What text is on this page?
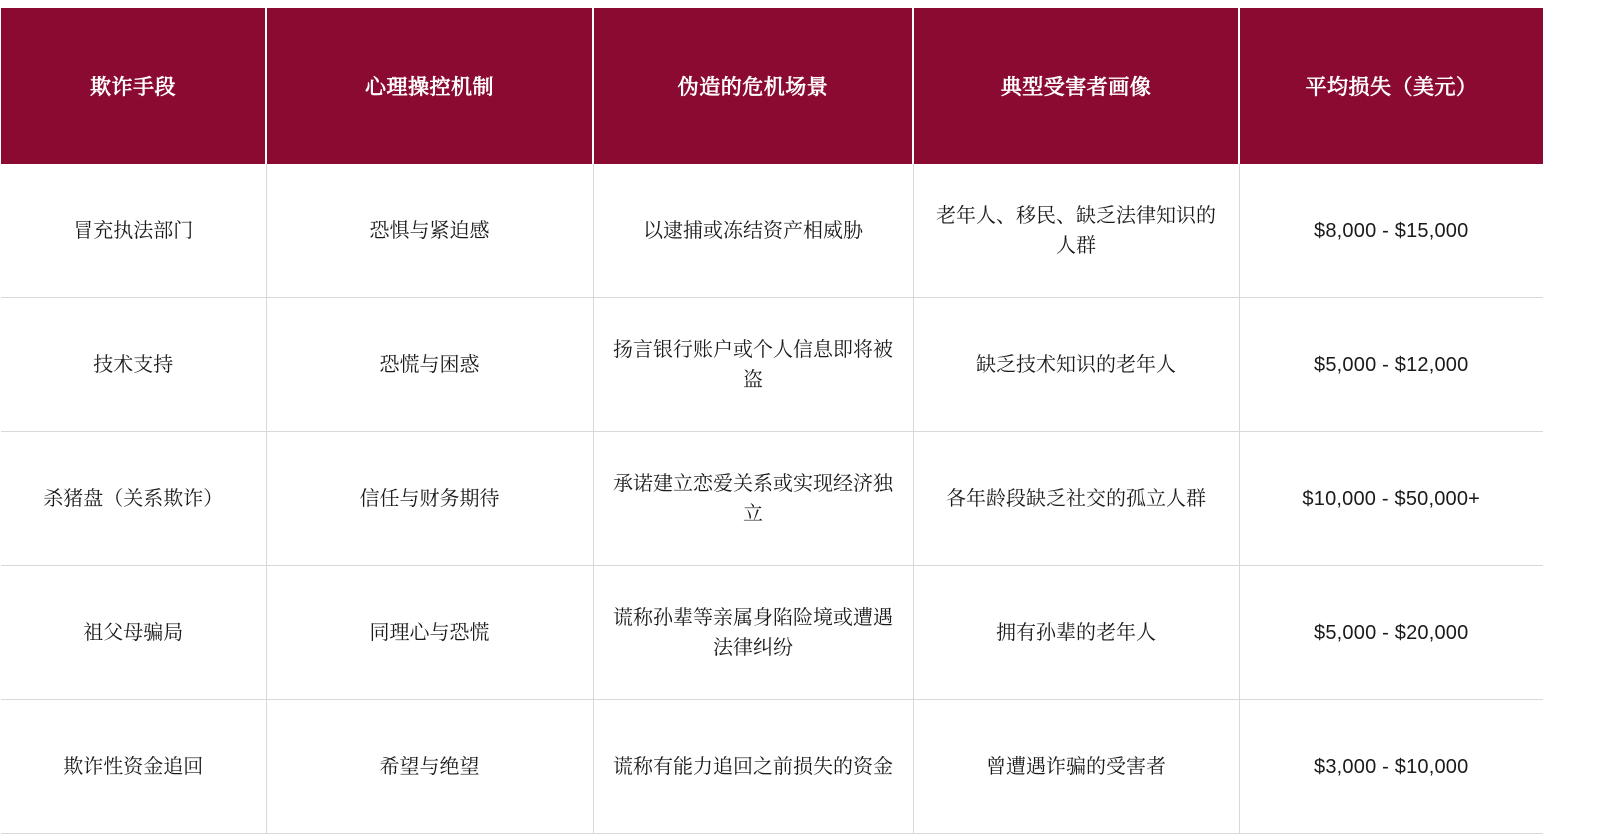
欺诈手段	心理操控机制	伪造的危机场景	典型受害者画像	平均损失（美元）
冒充执法部门	恐惧与紧迫感	以逮捕或冻结资产相威胁	老年人、移民、缺乏法律知识的人群	$8,000 - $15,000
技术支持	恐慌与困惑	扬言银行账户或个人信息即将被盗	缺乏技术知识的老年人	$5,000 - $12,000
杀猪盘（关系欺诈）	信任与财务期待	承诺建立恋爱关系或实现经济独立	各年龄段缺乏社交的孤立人群	$10,000 - $50,000+
祖父母骗局	同理心与恐慌	谎称孙辈等亲属身陷险境或遭遇法律纠纷	拥有孙辈的老年人	$5,000 - $20,000
欺诈性资金追回	希望与绝望	谎称有能力追回之前损失的资金	曾遭遇诈骗的受害者	$3,000 - $10,000
